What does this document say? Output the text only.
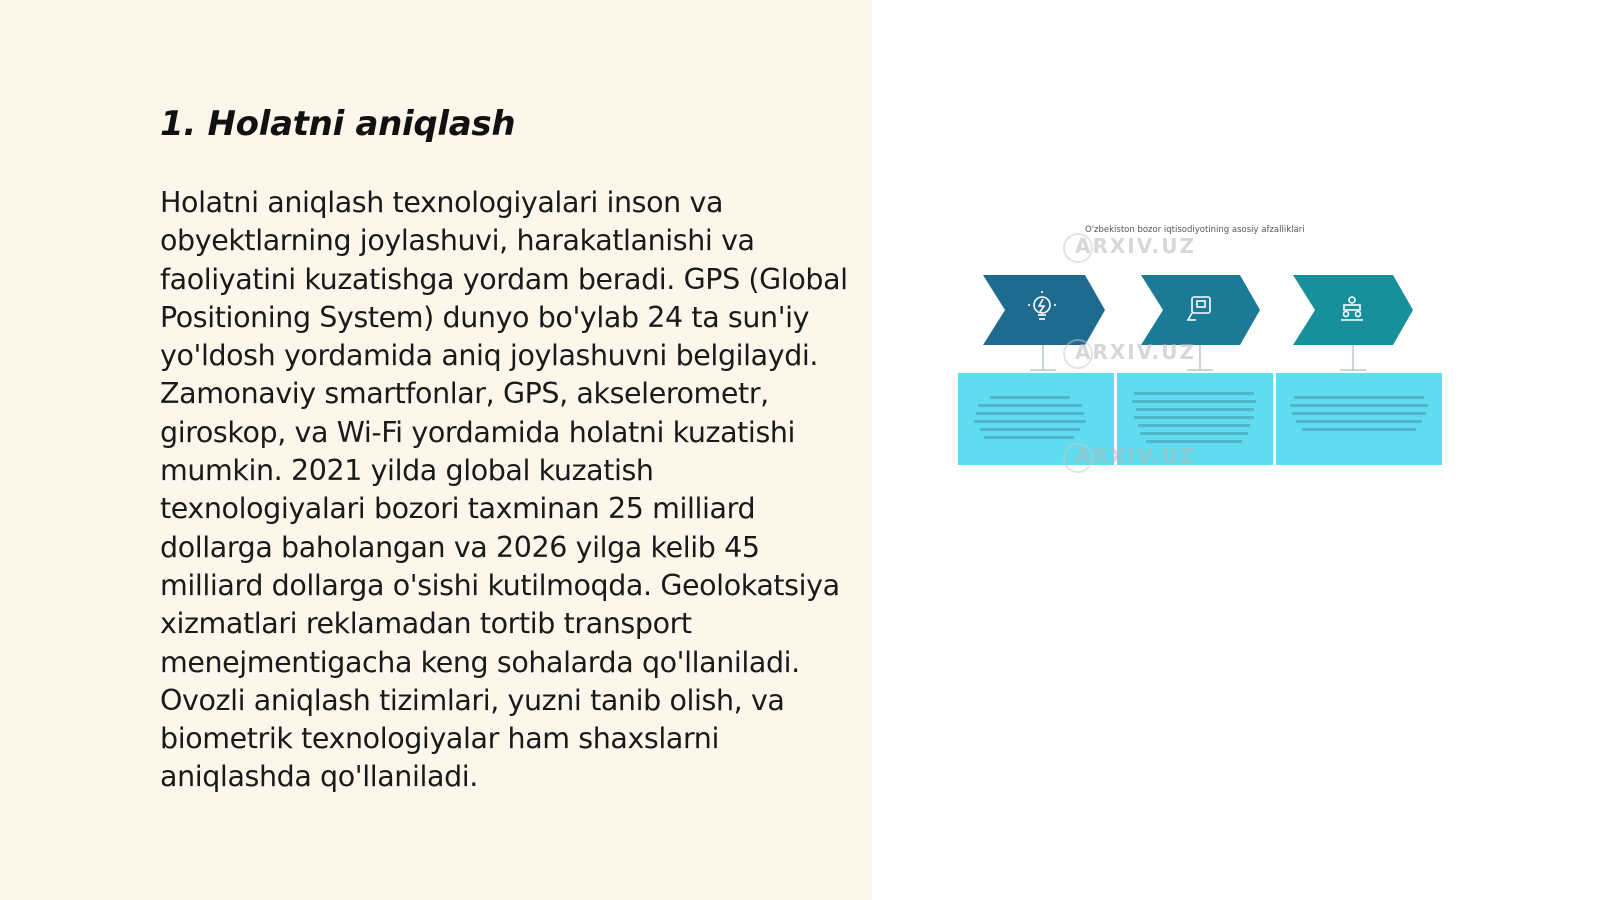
1. Holatni aniqlash

Holatni aniqlash texnologiyalari inson va obyektlarning joylashuvi, harakatlanishi va faoliyatini kuzatishga yordam beradi. GPS (Global Positioning System) dunyo bo'ylab 24 ta sun'iy yo'ldosh yordamida aniq joylashuvni belgilaydi. Zamonaviy smartfonlar, GPS, akselerometr, giroskop, va Wi-Fi yordamida holatni kuzatishi mumkin. 2021 yilda global kuzatish texnologiyalari bozori taxminan 25 milliard dollarga baholangan va 2026 yilga kelib 45 milliard dollarga o'sishi kutilmoqda. Geolokatsiya xizmatlari reklamadan tortib transport menejmentigacha keng sohalarda qo'llaniladi. Ovozli aniqlash tizimlari, yuzni tanib olish, va biometrik texnologiyalar ham shaxslarni aniqlashda qo'llaniladi.

O'zbekiston bozor iqtisodiyotining asosiy afzalliklari
ARXIV.UZ
ARXIV.UZ
ARXIV.UZ
